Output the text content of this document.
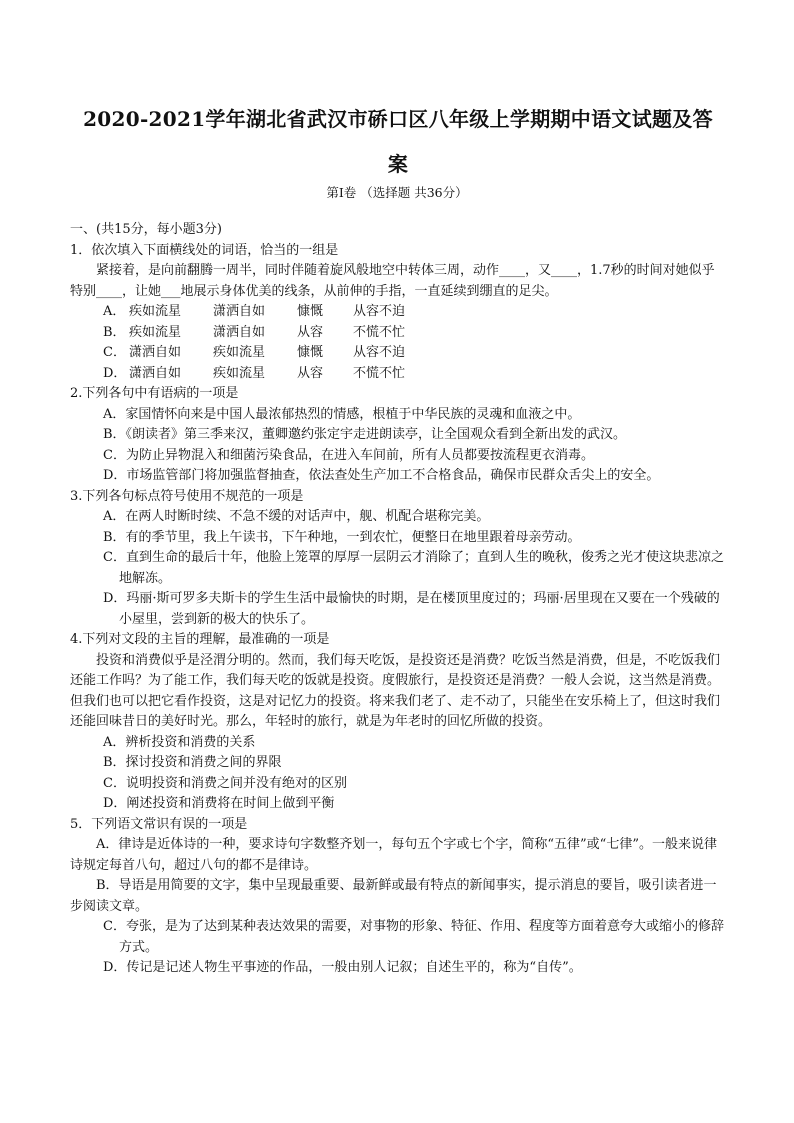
2020-2021学年湖北省武汉市硚口区八年级上学期期中语文试题及答
案
第Ⅰ卷 （选择题 共36分）

一、(共15分，每小题3分)

1．依次填入下面横线处的词语，恰当的一组是

紧接着，是向前翻腾一周半，同时伴随着旋风般地空中转体三周，动作____，又____，1.7秒的时间对她似乎特别____，让她___地展示身体优美的线条，从前伸的手指，一直延续到绷直的足尖。

A． 疾如流星	潇洒自如	慷慨	从容不迫
B． 疾如流星	潇洒自如	从容	不慌不忙
C． 潇洒自如	疾如流星	慷慨	从容不迫
D． 潇洒自如	疾如流星	从容	不慌不忙

2.下列各句中有语病的一项是

A．家国情怀向来是中国人最浓郁热烈的情感，根植于中华民族的灵魂和血液之中。

B．《朗读者》第三季来汉，董卿邀约张定宇走进朗读亭，让全国观众看到全新出发的武汉。

C．为防止异物混入和细菌污染食品，在进入车间前，所有人员都要按流程更衣消毒。

D．市场监管部门将加强监督抽查，依法查处生产加工不合格食品，确保市民群众舌尖上的安全。

3.下列各句标点符号使用不规范的一项是

A．在两人时断时续、不急不缓的对话声中，舰、机配合堪称完美。

B．有的季节里，我上午读书，下午种地，一到农忙，便整日在地里跟着母亲劳动。

C．直到生命的最后十年，他脸上笼罩的厚厚一层阴云才消除了；直到人生的晚秋，俊秀之光才使这块悲凉之地解冻。

D．玛丽·斯可罗多夫斯卡的学生生活中最愉快的时期，是在楼顶里度过的；玛丽·居里现在又要在一个残破的小屋里，尝到新的极大的快乐了。

4.下列对文段的主旨的理解，最准确的一项是

投资和消费似乎是泾渭分明的。然而，我们每天吃饭，是投资还是消费？吃饭当然是消费，但是，不吃饭我们还能工作吗？为了能工作，我们每天吃的饭就是投资。度假旅行，是投资还是消费？一般人会说，这当然是消费。但我们也可以把它看作投资，这是对记忆力的投资。将来我们老了、走不动了，只能坐在安乐椅上了，但这时我们还能回味昔日的美好时光。那么，年轻时的旅行，就是为年老时的回忆所做的投资。

A．辨析投资和消费的关系

B．探讨投资和消费之间的界限

C．说明投资和消费之间并没有绝对的区别

D．阐述投资和消费将在时间上做到平衡

5．下列语文常识有误的一项是

A．律诗是近体诗的一种，要求诗句字数整齐划一，每句五个字或七个字，简称“五律”或“七律”。一般来说律诗规定每首八句，超过八句的都不是律诗。

B．导语是用简要的文字，集中呈现最重要、最新鲜或最有特点的新闻事实，提示消息的要旨，吸引读者进一步阅读文章。

C．夸张，是为了达到某种表达效果的需要，对事物的形象、特征、作用、程度等方面着意夸大或缩小的修辞方式。

D．传记是记述人物生平事迹的作品，一般由别人记叙；自述生平的，称为“自传”。
